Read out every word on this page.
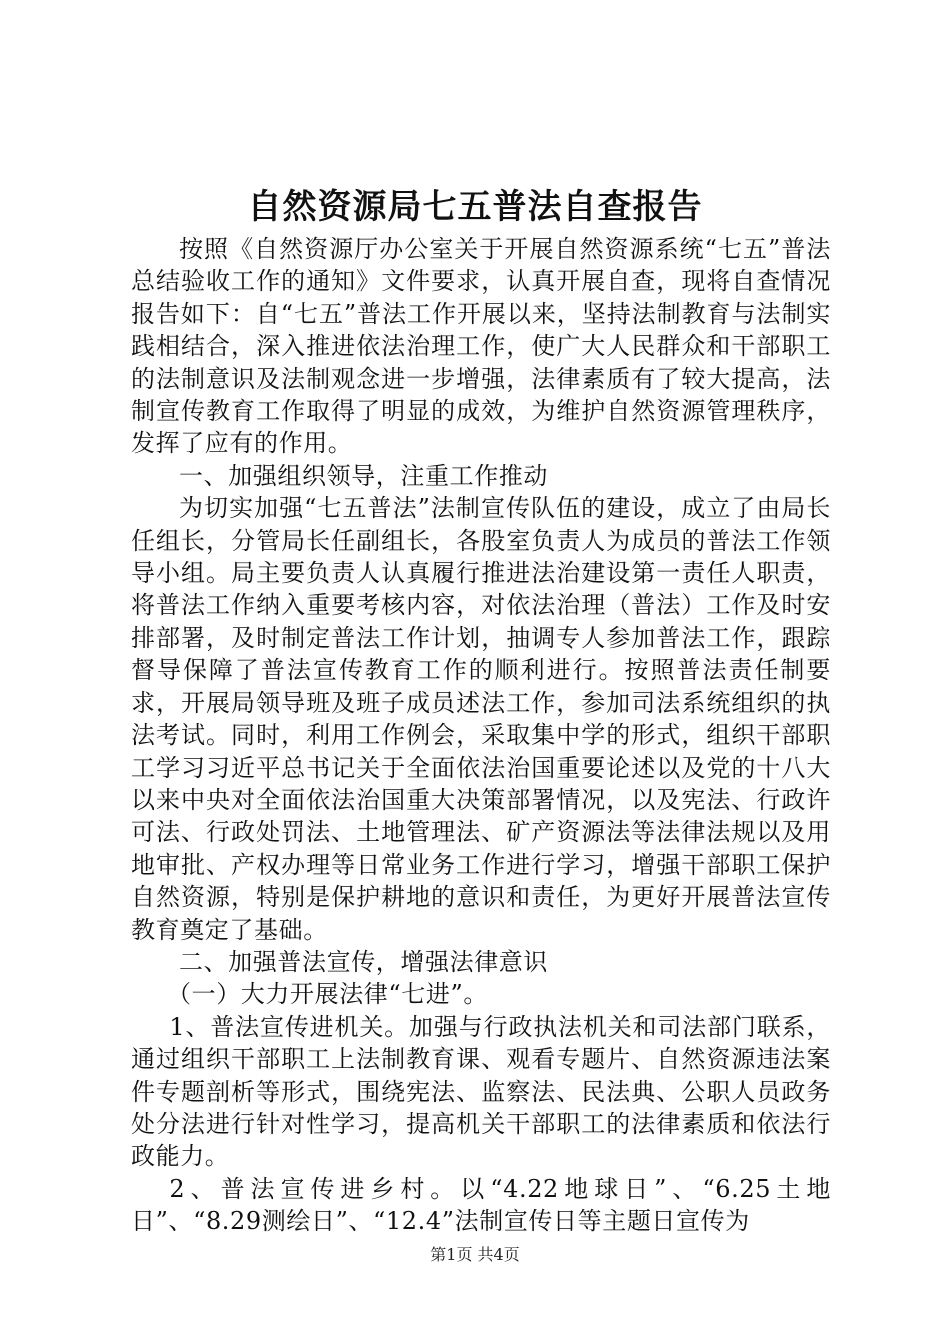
自然资源局七五普法自查报告

按照《自然资源厅办公室关于开展自然资源系统“七五”普法总结验收工作的通知》文件要求，认真开展自查，现将自查情况报告如下：自“七五”普法工作开展以来，坚持法制教育与法制实践相结合，深入推进依法治理工作，使广大人民群众和干部职工的法制意识及法制观念进一步增强，法律素质有了较大提高，法制宣传教育工作取得了明显的成效，为维护自然资源管理秩序，发挥了应有的作用。

一、加强组织领导，注重工作推动

为切实加强“七五普法”法制宣传队伍的建设，成立了由局长任组长，分管局长任副组长，各股室负责人为成员的普法工作领导小组。局主要负责人认真履行推进法治建设第一责任人职责，将普法工作纳入重要考核内容，对依法治理（普法）工作及时安排部署，及时制定普法工作计划，抽调专人参加普法工作，跟踪督导保障了普法宣传教育工作的顺利进行。按照普法责任制要求，开展局领导班及班子成员述法工作，参加司法系统组织的执法考试。同时，利用工作例会，采取集中学的形式，组织干部职工学习习近平总书记关于全面依法治国重要论述以及党的十八大以来中央对全面依法治国重大决策部署情况，以及宪法、行政许可法、行政处罚法、土地管理法、矿产资源法等法律法规以及用地审批、产权办理等日常业务工作进行学习，增强干部职工保护自然资源，特别是保护耕地的意识和责任，为更好开展普法宣传教育奠定了基础。

二、加强普法宣传，增强法律意识

（一）大力开展法律“七进”。

1、普法宣传进机关。加强与行政执法机关和司法部门联系，通过组织干部职工上法制教育课、观看专题片、自然资源违法案件专题剖析等形式，围绕宪法、监察法、民法典、公职人员政务处分法进行针对性学习，提高机关干部职工的法律素质和依法行政能力。

2、普法宣传进乡村。以“4.22地球日”、“6.25土地日”、“8.29测绘日”、“12.4”法制宣传日等主题日宣传为

第1页 共4页
